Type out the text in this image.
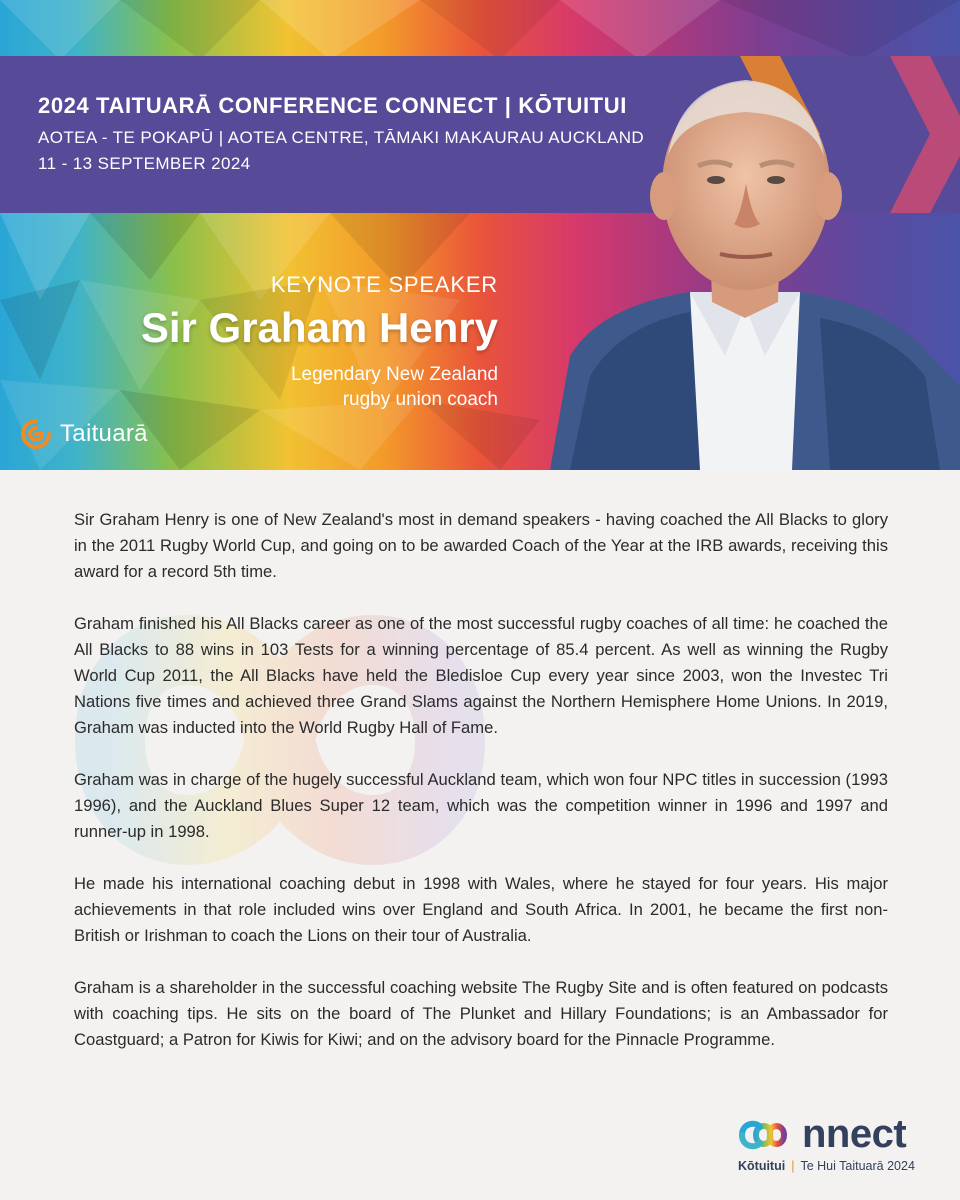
2024 TAITUARĀ CONFERENCE CONNECT | KŌTUITUI
AOTEA - TE POKAPŪ | AOTEA CENTRE, TĀMAKI MAKAURAU AUCKLAND
11 - 13 SEPTEMBER 2024
KEYNOTE SPEAKER
Sir Graham Henry
Legendary New Zealand
rugby union coach
Taituarā

Sir Graham Henry is one of New Zealand's most in demand speakers - having coached the All Blacks to glory in the 2011 Rugby World Cup, and going on to be awarded Coach of the Year at the IRB awards, receiving this award for a record 5th time.

Graham finished his All Blacks career as one of the most successful rugby coaches of all time: he coached the All Blacks to 88 wins in 103 Tests for a winning percentage of 85.4 percent. As well as winning the Rugby World Cup 2011, the All Blacks have held the Bledisloe Cup every year since 2003, won the Investec Tri Nations five times and achieved three Grand Slams against the Northern Hemisphere Home Unions. In 2019, Graham was inducted into the World Rugby Hall of Fame.

Graham was in charge of the hugely successful Auckland team, which won four NPC titles in succession (1993 1996), and the Auckland Blues Super 12 team, which was the competition winner in 1996 and 1997 and runner-up in 1998.

He made his international coaching debut in 1998 with Wales, where he stayed for four years. His major achievements in that role included wins over England and South Africa. In 2001, he became the first non-British or Irishman to coach the Lions on their tour of Australia.

Graham is a shareholder in the successful coaching website The Rugby Site and is often featured on podcasts with coaching tips. He sits on the board of The Plunket and Hillary Foundations; is an Ambassador for Coastguard; a Patron for Kiwis for Kiwi; and on the advisory board for the Pinnacle Programme.

nnect
Kōtuitui | Te Hui Taituarā 2024
